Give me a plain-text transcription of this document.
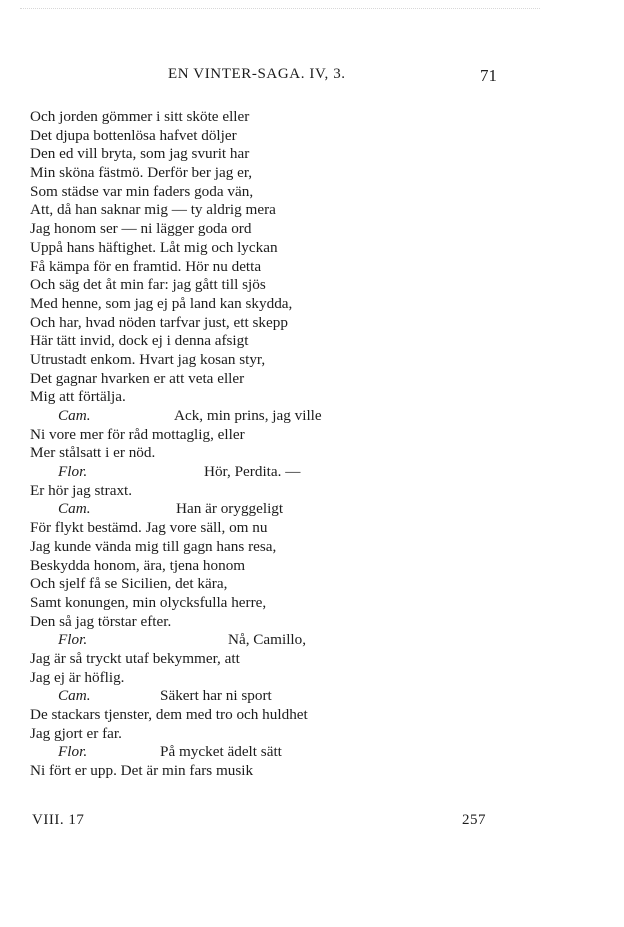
EN VINTER-SAGA. IV, 3.	71
Och jorden gömmer i sitt sköte eller
Det djupa bottenlösa hafvet döljer
Den ed vill bryta, som jag svurit har
Min sköna fästmö. Derför ber jag er,
Som städse var min faders goda vän,
Att, då han saknar mig — ty aldrig mera
Jag honom ser — ni lägger goda ord
Uppå hans häftighet. Låt mig och lyckan
Få kämpa för en framtid. Hör nu detta
Och säg det åt min far: jag gått till sjös
Med henne, som jag ej på land kan skydda,
Och har, hvad nöden tarfvar just, ett skepp
Här tätt invid, dock ej i denna afsigt
Utrustadt enkom. Hvart jag kosan styr,
Det gagnar hvarken er att veta eller
Mig att förtälja.
Cam.	Ack, min prins, jag ville
Ni vore mer för råd mottaglig, eller
Mer stålsatt i er nöd.
Flor.	Hör, Perdita. —
Er hör jag straxt.
Cam.	Han är oryggeligt
För flykt bestämd. Jag vore säll, om nu
Jag kunde vända mig till gagn hans resa,
Beskydda honom, ära, tjena honom
Och sjelf få se Sicilien, det kära,
Samt konungen, min olycksfulla herre,
Den så jag törstar efter.
Flor.	Nå, Camillo,
Jag är så tryckt utaf bekymmer, att
Jag ej är höflig.
Cam.	Säkert har ni sport
De stackars tjenster, dem med tro och huldhet
Jag gjort er far.
Flor.	På mycket ädelt sätt
Ni fört er upp. Det är min fars musik
VIII. 17	257
